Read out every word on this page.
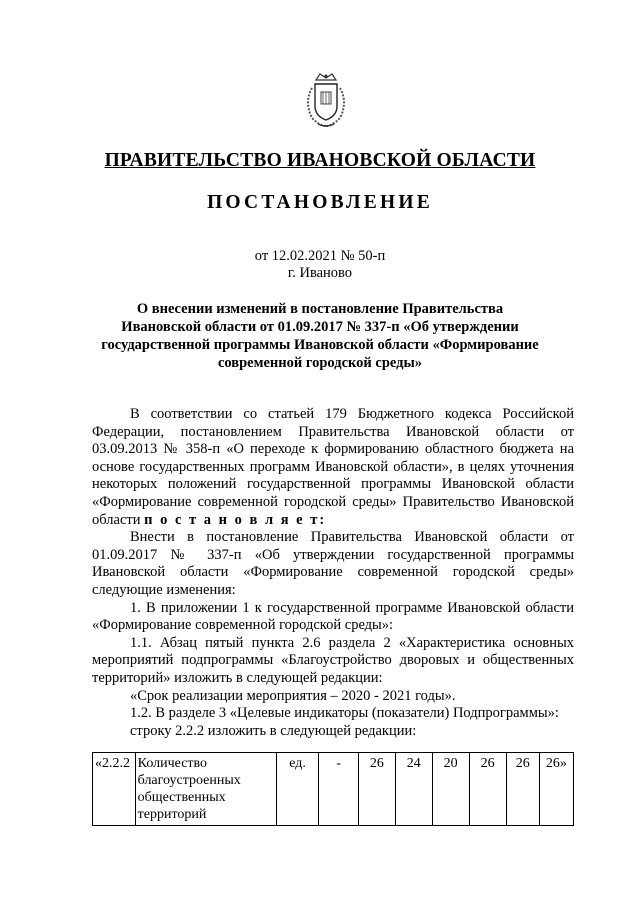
ПРАВИТЕЛЬСТВО ИВАНОВСКОЙ ОБЛАСТИ
ПОСТАНОВЛЕНИЕ
от 12.02.2021 № 50-п
г. Иваново
О внесении изменений в постановление Правительства
Ивановской области от 01.09.2017 № 337-п «Об утверждении
государственной программы Ивановской области «Формирование
современной городской среды»

В соответствии со статьей 179 Бюджетного кодекса Российской Федерации, постановлением Правительства Ивановской области от 03.09.2013 № 358-п «О переходе к формированию областного бюджета на основе государственных программ Ивановской области», в целях уточнения некоторых положений государственной программы Ивановской области «Формирование современной городской среды» Правительство Ивановской области п о с т а н о в л я е т:

Внести в постановление Правительства Ивановской области от 01.09.2017 № 337-п «Об утверждении государственной программы Ивановской области «Формирование современной городской среды» следующие изменения:

1. В приложении 1 к государственной программе Ивановской области «Формирование современной городской среды»:

1.1. Абзац пятый пункта 2.6 раздела 2 «Характеристика основных мероприятий подпрограммы «Благоустройство дворовых и общественных территорий» изложить в следующей редакции:

«Срок реализации мероприятия – 2020 - 2021 годы».

1.2. В разделе 3 «Целевые индикаторы (показатели) Подпрограммы»:

строку 2.2.2 изложить в следующей редакции:

«2.2.2	Количество благоустроенных общественных территорий	ед.	-	26	24	20	26	26	26»
